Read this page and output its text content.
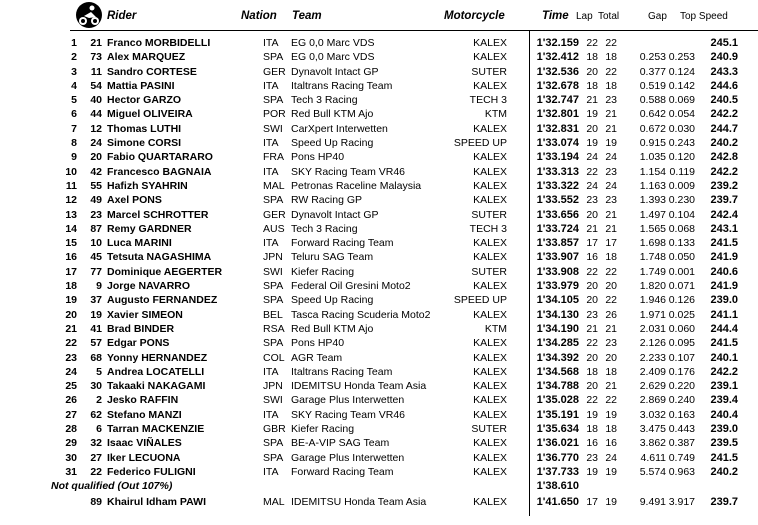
Rider	Nation Team	Motorcycle	Time Lap Total	Gap Top Speed
1	21 Franco MORBIDELLI	ITA EG 0,0 Marc VDS	KALEX	1'32.159 22 22	245.1
2	73 Alex MARQUEZ	SPA EG 0,0 Marc VDS	KALEX	1'32.412 18 18 0.253 0.253 240.9
3	11 Sandro CORTESE	GER Dynavolt Intact GP	SUTER	1'32.536 20 22 0.377 0.124 243.3
4	54 Mattia PASINI	ITA Italtrans Racing Team	KALEX	1'32.678 18 18 0.519 0.142 244.6
5	40 Hector GARZO	SPA Tech 3 Racing	TECH 3	1'32.747 21 23 0.588 0.069 240.5
6	44 Miguel OLIVEIRA	POR Red Bull KTM Ajo	KTM	1'32.801 19 21 0.642 0.054 242.2
7	12 Thomas LUTHI	SWI CarXpert Interwetten	KALEX	1'32.831 20 21 0.672 0.030 244.7
8	24 Simone CORSI	ITA Speed Up Racing	SPEED UP	1'33.074 19 19 0.915 0.243 240.2
9	20 Fabio QUARTARARO	FRA Pons HP40	KALEX	1'33.194 24 24 1.035 0.120 242.8
10	42 Francesco BAGNAIA	ITA SKY Racing Team VR46	KALEX	1'33.313 22 23 1.154 0.119 242.2
11	55 Hafizh SYAHRIN	MAL Petronas Raceline Malaysia	KALEX	1'33.322 24 24 1.163 0.009 239.2
12	49 Axel PONS	SPA RW Racing GP	KALEX	1'33.552 23 23 1.393 0.230 239.7
13	23 Marcel SCHROTTER	GER Dynavolt Intact GP	SUTER	1'33.656 20 21 1.497 0.104 242.4
14	87 Remy GARDNER	AUS Tech 3 Racing	TECH 3	1'33.724 21 21 1.565 0.068 243.1
15	10 Luca MARINI	ITA Forward Racing Team	KALEX	1'33.857 17 17 1.698 0.133 241.5
16	45 Tetsuta NAGASHIMA	JPN Teluru SAG Team	KALEX	1'33.907 16 18 1.748 0.050 241.9
17	77 Dominique AEGERTER	SWI Kiefer Racing	SUTER	1'33.908 22 22 1.749 0.001 240.6
18	9 Jorge NAVARRO	SPA Federal Oil Gresini Moto2	KALEX	1'33.979 20 20 1.820 0.071 241.9
19	37 Augusto FERNANDEZ	SPA Speed Up Racing	SPEED UP	1'34.105 20 22 1.946 0.126 239.0
20	19 Xavier SIMEON	BEL Tasca Racing Scuderia Moto2	KALEX	1'34.130 23 26 1.971 0.025 241.1
21	41 Brad BINDER	RSA Red Bull KTM Ajo	KTM	1'34.190 21 21 2.031 0.060 244.4
22	57 Edgar PONS	SPA Pons HP40	KALEX	1'34.285 22 23 2.126 0.095 241.5
23	68 Yonny HERNANDEZ	COL AGR Team	KALEX	1'34.392 20 20 2.233 0.107 240.1
24	5 Andrea LOCATELLI	ITA Italtrans Racing Team	KALEX	1'34.568 18 18 2.409 0.176 242.2
25	30 Takaaki NAKAGAMI	JPN IDEMITSU Honda Team Asia	KALEX	1'34.788 20 21 2.629 0.220 239.1
26	2 Jesko RAFFIN	SWI Garage Plus Interwetten	KALEX	1'35.028 22 22 2.869 0.240 239.4
27	62 Stefano MANZI	ITA SKY Racing Team VR46	KALEX	1'35.191 19 19 3.032 0.163 240.4
28	6 Tarran MACKENZIE	GBR Kiefer Racing	SUTER	1'35.634 18 18 3.475 0.443 239.0
29	32 Isaac VIÑALES	SPA BE-A-VIP SAG Team	KALEX	1'36.021 16 16 3.862 0.387 239.5
30	27 Iker LECUONA	SPA Garage Plus Interwetten	KALEX	1'36.770 23 24 4.611 0.749 241.5
31	22 Federico FULIGNI	ITA Forward Racing Team	KALEX	1'37.733 19 19 5.574 0.963 240.2
Not qualified (Out 107%)	1'38.610
89 Khairul Idham PAWI	MAL IDEMITSU Honda Team Asia	KALEX	1'41.650 17 19 9.491 3.917 239.7
